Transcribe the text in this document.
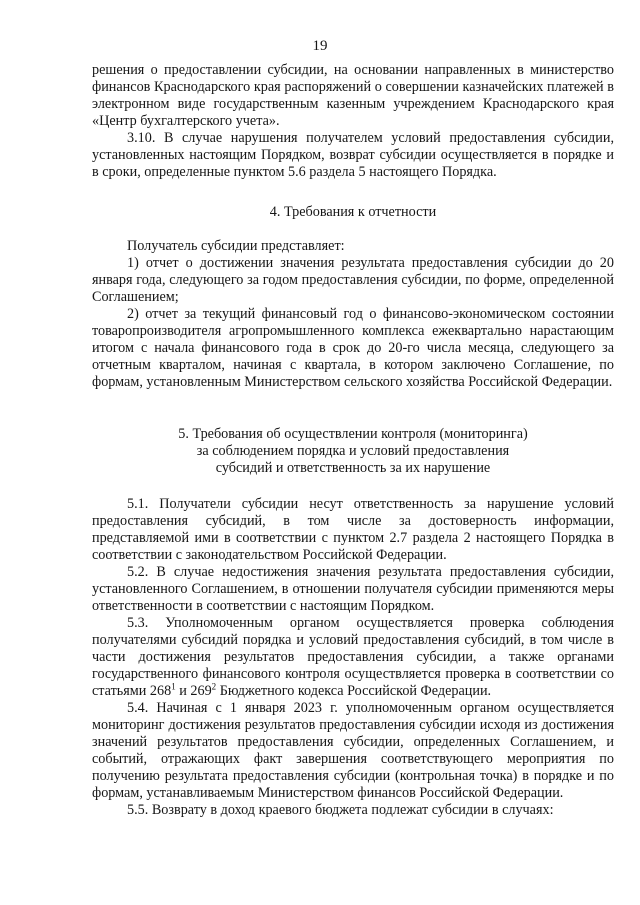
19

решения о предоставлении субсидии, на основании направленных в министерство финансов Краснодарского края распоряжений о совершении казначейских платежей в электронном виде государственным казенным учреждением Краснодарского края «Центр бухгалтерского учета».

3.10. В случае нарушения получателем условий предоставления субсидии, установленных настоящим Порядком, возврат субсидии осуществляется в порядке и в сроки, определенные пунктом 5.6 раздела 5 настоящего Порядка.

4. Требования к отчетности

Получатель субсидии представляет:

1) отчет о достижении значения результата предоставления субсидии до 20 января года, следующего за годом предоставления субсидии, по форме, определенной Соглашением;

2) отчет за текущий финансовый год о финансово-экономическом состоянии товаропроизводителя агропромышленного комплекса ежеквартально нарастающим итогом с начала финансового года в срок до 20-го числа месяца, следующего за отчетным кварталом, начиная с квартала, в котором заключено Соглашение, по формам, установленным Министерством сельского хозяйства Российской Федерации.

5. Требования об осуществлении контроля (мониторинга)
за соблюдением порядка и условий предоставления
субсидий и ответственность за их нарушение

5.1. Получатели субсидии несут ответственность за нарушение условий предоставления субсидий, в том числе за достоверность информации, представляемой ими в соответствии с пунктом 2.7 раздела 2 настоящего Порядка в соответствии с законодательством Российской Федерации.

5.2. В случае недостижения значения результата предоставления субсидии, установленного Соглашением, в отношении получателя субсидии применяются меры ответственности в соответствии с настоящим Порядком.

5.3. Уполномоченным органом осуществляется проверка соблюдения получателями субсидий порядка и условий предоставления субсидий, в том числе в части достижения результатов предоставления субсидии, а также органами государственного финансового контроля осуществляется проверка в соответствии со статьями $268^1$ и $269^2$ Бюджетного кодекса Российской Федерации.

5.4. Начиная с 1 января 2023 г. уполномоченным органом осуществляется мониторинг достижения результатов предоставления субсидии исходя из достижения значений результатов предоставления субсидии, определенных Соглашением, и событий, отражающих факт завершения соответствующего мероприятия по получению результата предоставления субсидии (контрольная точка) в порядке и по формам, устанавливаемым Министерством финансов Российской Федерации.

5.5. Возврату в доход краевого бюджета подлежат субсидии в случаях:
